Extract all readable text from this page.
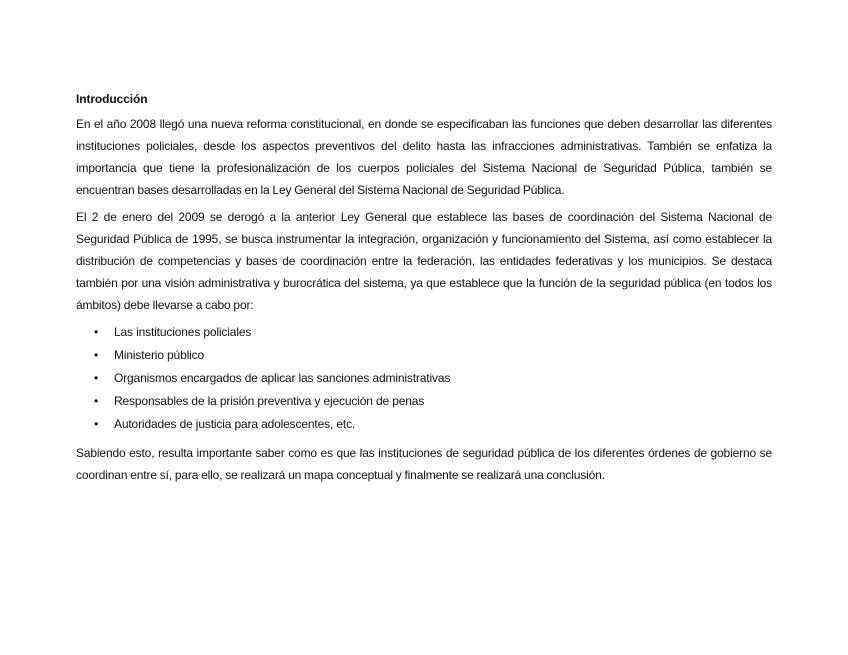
Introducción

En el año 2008 llegó una nueva reforma constitucional, en donde se especificaban las funciones que deben desarrollar las diferentes instituciones policiales, desde los aspectos preventivos del delito hasta las infracciones administrativas. También se enfatiza la importancia que tiene la profesionalización de los cuerpos policiales del Sistema Nacional de Seguridad Pública, también se encuentran bases desarrolladas en la Ley General del Sistema Nacional de Seguridad Pública.

El 2 de enero del 2009 se derogó a la anterior Ley General que establece las bases de coordinación del Sistema Nacional de Seguridad Pública de 1995, se busca instrumentar la integración, organización y funcionamiento del Sistema, así como establecer la distribución de competencias y bases de coordinación entre la federación, las entidades federativas y los municipios. Se destaca también por una visión administrativa y burocrática del sistema, ya que establece que la función de la seguridad pública (en todos los ámbitos) debe llevarse a cabo por:

• Las instituciones policiales
• Ministerio público
• Organismos encargados de aplicar las sanciones administrativas
• Responsables de la prisión preventiva y ejecución de penas
• Autoridades de justicia para adolescentes, etc.

Sabiendo esto, resulta importante saber como es que las instituciones de seguridad pública de los diferentes órdenes de gobierno se coordinan entre sí, para ello, se realizará un mapa conceptual y finalmente se realizará una conclusión.
